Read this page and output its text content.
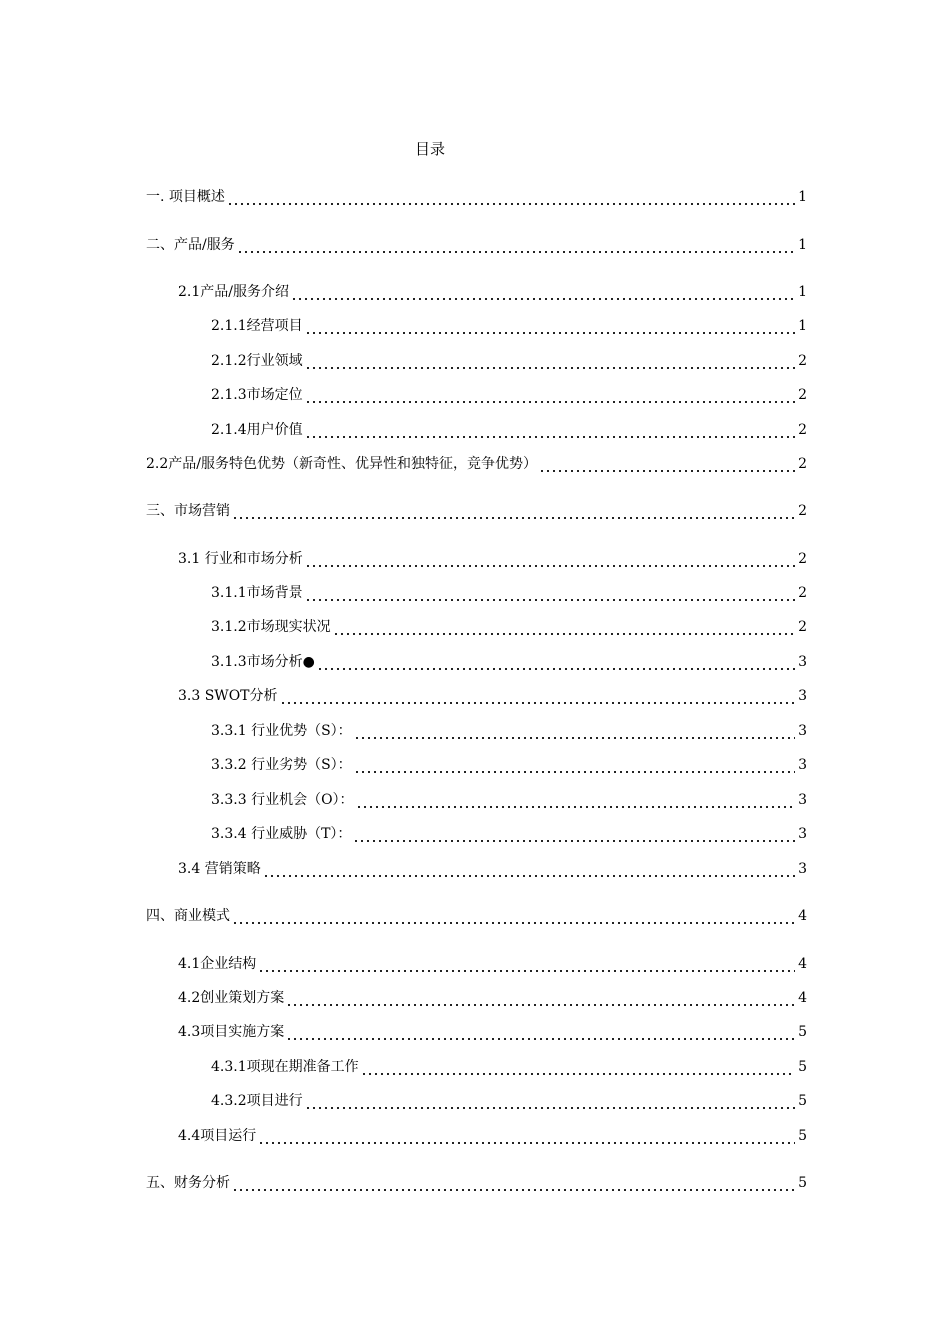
目录
一. 项目概述	1
二、产品/服务	1
2.1产品/服务介绍	1
2.1.1经营项目	1
2.1.2行业领域	2
2.1.3市场定位	2
2.1.4用户价值	2
2.2产品/服务特色优势（新奇性、优异性和独特征，竞争优势）	2
三、市场营销	2
3.1 行业和市场分析	2
3.1.1市场背景	2
3.1.2市场现实状况	2
3.1.3市场分析●	3
3.3 SWOT分析	3
3.3.1 行业优势（S）：	3
3.3.2 行业劣势（S）：	3
3.3.3 行业机会（O）：	3
3.3.4 行业威胁（T）：	3
3.4 营销策略	3
四、商业模式	4
4.1企业结构	4
4.2创业策划方案	4
4.3项目实施方案	5
4.3.1项现在期准备工作	5
4.3.2项目进行	5
4.4项目运行	5
五、财务分析	5
